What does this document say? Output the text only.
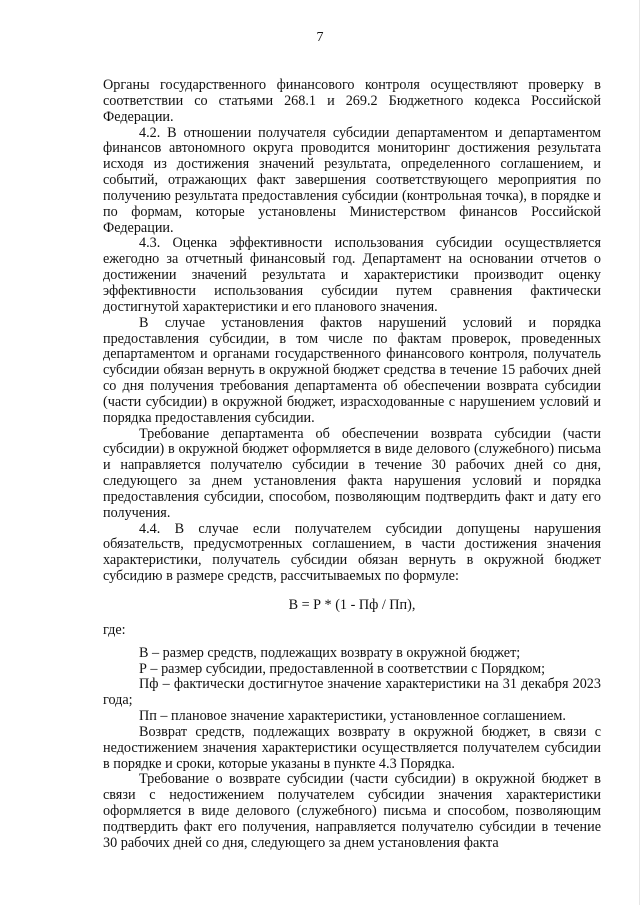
7

Органы государственного финансового контроля осуществляют проверку в соответствии со статьями 268.1 и 269.2 Бюджетного кодекса Российской Федерации.

4.2. В отношении получателя субсидии департаментом и департаментом финансов автономного округа проводится мониторинг достижения результата исходя из достижения значений результата, определенного соглашением, и событий, отражающих факт завершения соответствующего мероприятия по получению результата предоставления субсидии (контрольная точка), в порядке и по формам, которые установлены Министерством финансов Российской Федерации.

4.3. Оценка эффективности использования субсидии осуществляется ежегодно за отчетный финансовый год. Департамент на основании отчетов о достижении значений результата и характеристики производит оценку эффективности использования субсидии путем сравнения фактически достигнутой характеристики и его планового значения.

В случае установления фактов нарушений условий и порядка предоставления субсидии, в том числе по фактам проверок, проведенных департаментом и органами государственного финансового контроля, получатель субсидии обязан вернуть в окружной бюджет средства в течение 15 рабочих дней со дня получения требования департамента об обеспечении возврата субсидии (части субсидии) в окружной бюджет, израсходованные с нарушением условий и порядка предоставления субсидии.

Требование департамента об обеспечении возврата субсидии (части субсидии) в окружной бюджет оформляется в виде делового (служебного) письма и направляется получателю субсидии в течение 30 рабочих дней со дня, следующего за днем установления факта нарушения условий и порядка предоставления субсидии, способом, позволяющим подтвердить факт и дату его получения.

4.4. В случае если получателем субсидии допущены нарушения обязательств, предусмотренных соглашением, в части достижения значения характеристики, получатель субсидии обязан вернуть в окружной бюджет субсидию в размере средств, рассчитываемых по формуле:

В = Р * (1 - Пф / Пп),

где:

В – размер средств, подлежащих возврату в окружной бюджет;

Р – размер субсидии, предоставленной в соответствии с Порядком;

Пф – фактически достигнутое значение характеристики на 31 декабря 2023 года;

Пп – плановое значение характеристики, установленное соглашением.

Возврат средств, подлежащих возврату в окружной бюджет, в связи с недостижением значения характеристики осуществляется получателем субсидии в порядке и сроки, которые указаны в пункте 4.3 Порядка.

Требование о возврате субсидии (части субсидии) в окружной бюджет в связи с недостижением получателем субсидии значения характеристики оформляется в виде делового (служебного) письма и способом, позволяющим подтвердить факт его получения, направляется получателю субсидии в течение 30 рабочих дней со дня, следующего за днем установления факта
